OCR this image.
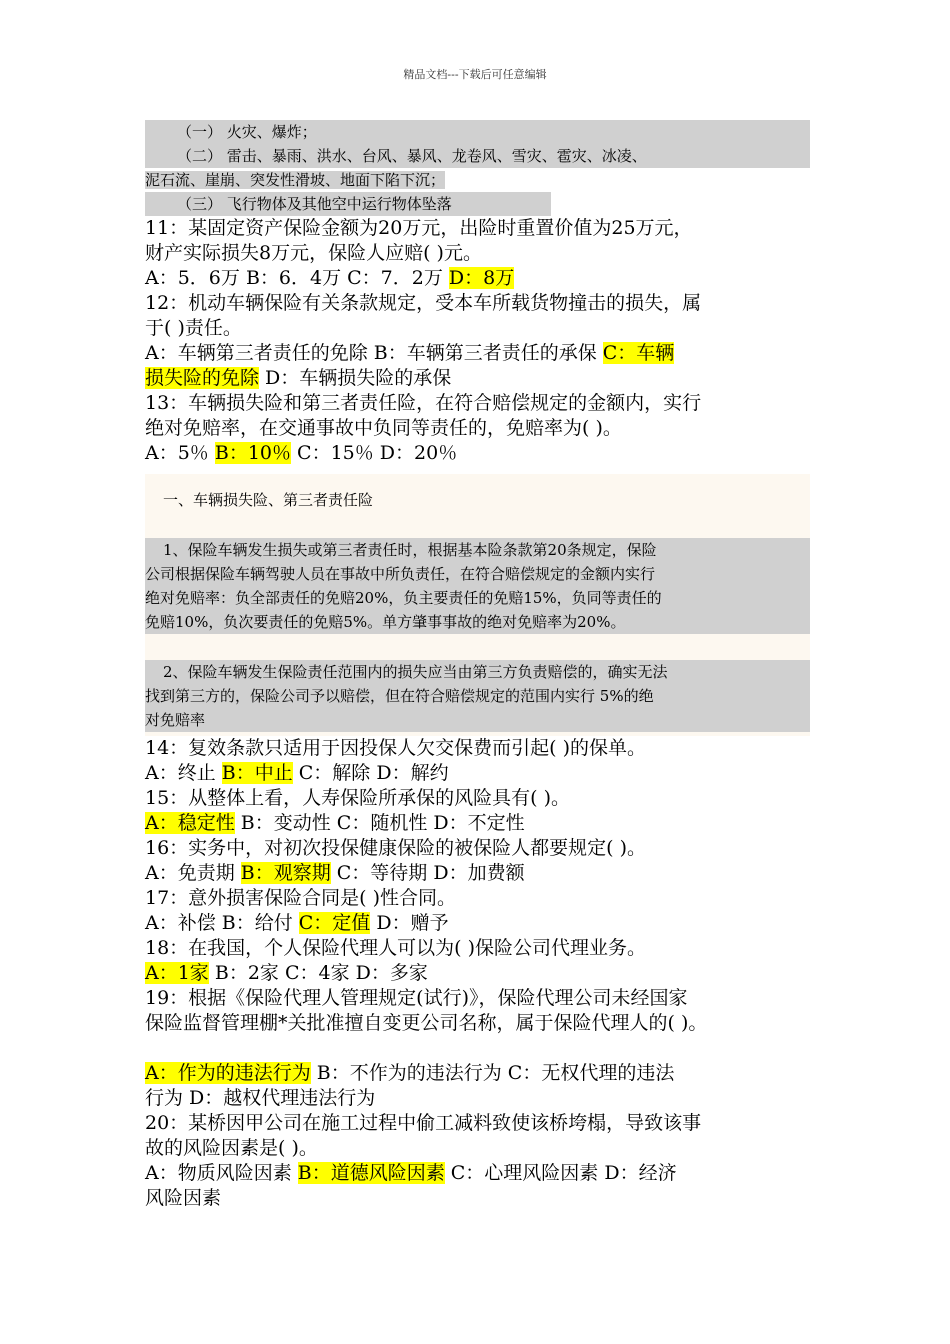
精品文档---下载后可任意编辑
（一） 火灾、爆炸；
（二） 雷击、暴雨、洪水、台风、暴风、龙卷风、雪灾、雹灾、冰凌、
泥石流、崖崩、突发性滑坡、地面下陷下沉；
（三） 飞行物体及其他空中运行物体坠落
11：某固定资产保险金额为20万元，出险时重置价值为25万元，
财产实际损失8万元，保险人应赔( )元。
A：5．6万 B：6．4万 C：7．2万 D：8万
12：机动车辆保险有关条款规定，受本车所载货物撞击的损失，属
于( )责任。
A：车辆第三者责任的免除 B：车辆第三者责任的承保 C：车辆
损失险的免除 D：车辆损失险的承保
13：车辆损失险和第三者责任险，在符合赔偿规定的金额内，实行
绝对免赔率，在交通事故中负同等责任的，免赔率为( )。
A：5％ B：10％ C：15％ D：20％
一、车辆损失险、第三者责任险
1、保险车辆发生损失或第三者责任时，根据基本险条款第20条规定，保险
公司根据保险车辆驾驶人员在事故中所负责任，在符合赔偿规定的金额内实行
绝对免赔率：负全部责任的免赔20%，负主要责任的免赔15%，负同等责任的
免赔10%，负次要责任的免赔5%。单方肇事事故的绝对免赔率为20%。
2、保险车辆发生保险责任范围内的损失应当由第三方负责赔偿的，确实无法
找到第三方的，保险公司予以赔偿，但在符合赔偿规定的范围内实行 5%的绝
对免赔率
14：复效条款只适用于因投保人欠交保费而引起( )的保单。
A：终止 B：中止 C：解除 D：解约
15：从整体上看，人寿保险所承保的风险具有( )。
A：稳定性 B：变动性 C：随机性 D：不定性
16：实务中，对初次投保健康保险的被保险人都要规定( )。
A：免责期 B：观察期 C：等待期 D：加费额
17：意外损害保险合同是( )性合同。
A：补偿 B：给付 C：定值 D：赠予
18：在我国，个人保险代理人可以为( )保险公司代理业务。
A：1家 B：2家 C：4家 D：多家
19：根据《保险代理人管理规定(试行)》，保险代理公司未经国家
保险监督管理棚*关批准擅自变更公司名称，属于保险代理人的( )。
A：作为的违法行为 B：不作为的违法行为 C：无权代理的违法
行为 D：越权代理违法行为
20：某桥因甲公司在施工过程中偷工减料致使该桥垮榻，导致该事
故的风险因素是( )。
A：物质风险因素 B：道德风险因素 C：心理风险因素 D：经济
风险因素
